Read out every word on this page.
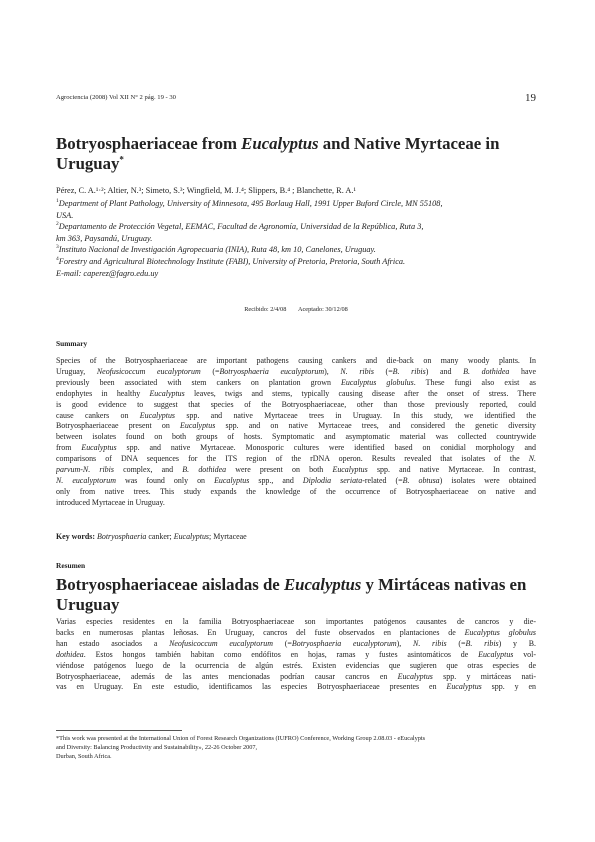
Agrociencia (2008) Vol XII N° 2 pág. 19 - 30	19
Botryosphaeriaceae from Eucalyptus and Native Myrtaceae in Uruguay*
Pérez, C. A.¹·²; Altier, N.³; Simeto, S.³; Wingfield, M. J.⁴; Slippers, B.⁴ ; Blanchette, R. A.¹
$^1$Department of Plant Pathology, University of Minnesota, 495 Borlaug Hall, 1991 Upper Buford Circle, MN 55108,
USA.
$^2$Departamento de Protección Vegetal, EEMAC, Facultad de Agronomía, Universidad de la República, Ruta 3,
km 363, Paysandú, Uruguay.
$^3$Instituto Nacional de Investigación Agropecuaria (INIA), Ruta 48, km 10, Canelones, Uruguay.
$^4$Forestry and Agricultural Biotechnology Institute (FABI), University of Pretoria, Pretoria, South Africa.
E-mail: caperez@fagro.edu.uy
Recibido: 2/4/08 Aceptado: 30/12/08
Summary
Species of the Botryosphaeriaceae are important pathogens causing cankers and die-back on many woody plants. In
Uruguay, Neofusicoccum eucalyptorum (=Botryosphaeria eucalyptorum), N. ribis (=B. ribis) and B. dothidea have
previously been associated with stem cankers on plantation grown Eucalyptus globulus. These fungi also exist as
endophytes in healthy Eucalyptus leaves, twigs and stems, typically causing disease after the onset of stress. There
is good evidence to suggest that species of the Botryosphaeriaceae, other than those previously reported, could
cause cankers on Eucalyptus spp. and native Myrtaceae trees in Uruguay. In this study, we identified the
Botryosphaeriaceae present on Eucalyptus spp. and on native Myrtaceae trees, and considered the genetic diversity
between isolates found on both groups of hosts. Symptomatic and asymptomatic material was collected countrywide
from Eucalyptus spp. and native Myrtaceae. Monosporic cultures were identified based on conidial morphology and
comparisons of DNA sequences for the ITS region of the rDNA operon. Results revealed that isolates of the N.
parvum-N. ribis complex, and B. dothidea were present on both Eucalyptus spp. and native Myrtaceae. In contrast,
N. eucalyptorum was found only on Eucalyptus spp., and Diplodia seriata-related (=B. obtusa) isolates were obtained
only from native trees. This study expands the knowledge of the occurrence of Botryosphaeriaceae on native and
introduced Myrtaceae in Uruguay.
Key words: Botryosphaeria canker; Eucalyptus; Myrtaceae
Resumen
Botryosphaeriaceae aisladas de Eucalyptus y Mirtáceas nativas en Uruguay
Varias especies residentes en la familia Botryosphaeriaceae son importantes patógenos causantes de cancros y die-
backs en numerosas plantas leñosas. En Uruguay, cancros del fuste observados en plantaciones de Eucalyptus globulus
han estado asociados a Neofusicoccum eucalyptorum (=Botryosphaeria eucalyptorum), N. ribis (=B. ribis) y B.
dothidea. Estos hongos también habitan como endófitos en hojas, ramas y fustes asintomáticos de Eucalyptus vol-
viéndose patógenos luego de la ocurrencia de algún estrés. Existen evidencias que sugieren que otras especies de
Botryosphaeriaceae, además de las antes mencionadas podrían causar cancros en Eucalyptus spp. y mirtáceas nati-
vas en Uruguay. En este estudio, identificamos las especies Botryosphaeriaceae presentes en Eucalyptus spp. y en
*This work was presented at the International Union of Forest Research Organizations (IUFRO) Conference, Working Group 2.08.03 - eEucalypts
and Diversity: Balancing Productivity and Sustainability», 22-26 October 2007,
Durban, South Africa.
